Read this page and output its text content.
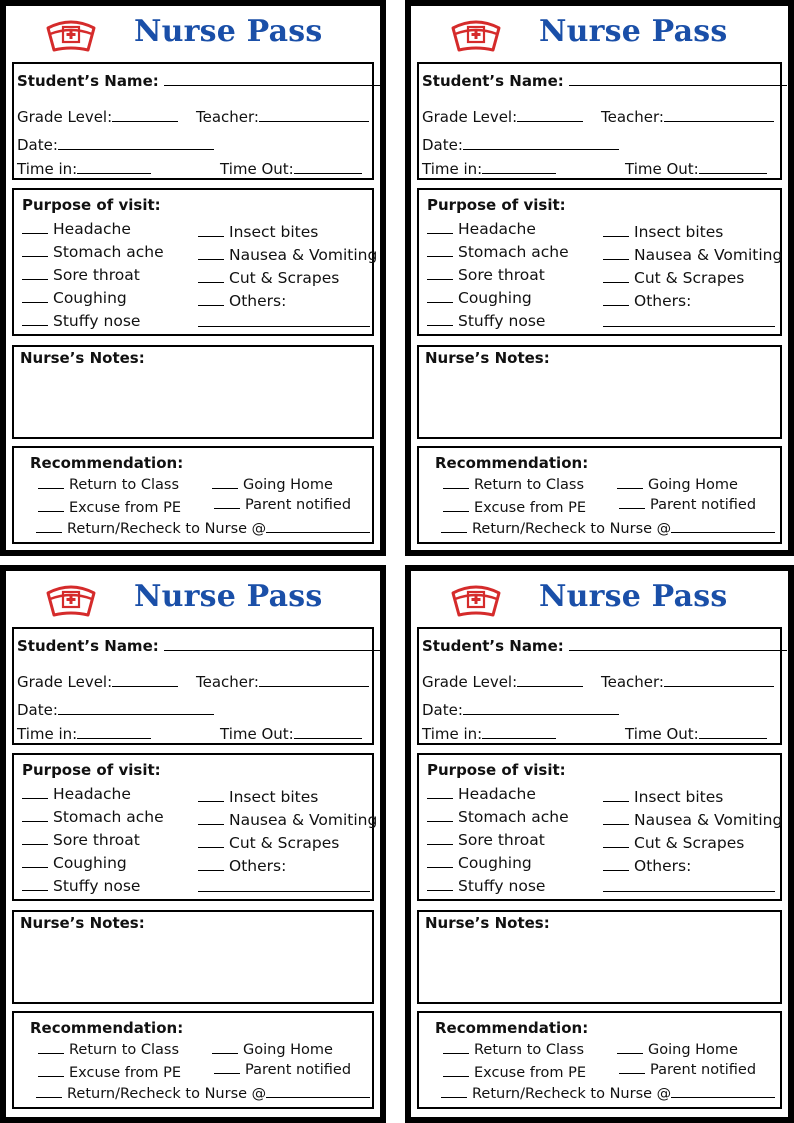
Nurse Pass
Student’s Name:
Grade Level:	Teacher:
Date:
Time in:	Time Out:
Purpose of visit:
Headache
Stomach ache
Sore throat
Coughing
Stuffy nose
Insect bites
Nausea & Vomiting
Cut & Scrapes
Others:
Nurse’s Notes:
Recommendation:
Return to Class	Going Home
Excuse from PE	Parent notified
Return/Recheck to Nurse @
Nurse Pass
Student’s Name:
Grade Level:	Teacher:
Date:
Time in:	Time Out:
Purpose of visit:
Headache
Stomach ache
Sore throat
Coughing
Stuffy nose
Insect bites
Nausea & Vomiting
Cut & Scrapes
Others:
Nurse’s Notes:
Recommendation:
Return to Class	Going Home
Excuse from PE	Parent notified
Return/Recheck to Nurse @
Nurse Pass
Student’s Name:
Grade Level:	Teacher:
Date:
Time in:	Time Out:
Purpose of visit:
Headache
Stomach ache
Sore throat
Coughing
Stuffy nose
Insect bites
Nausea & Vomiting
Cut & Scrapes
Others:
Nurse’s Notes:
Recommendation:
Return to Class	Going Home
Excuse from PE	Parent notified
Return/Recheck to Nurse @
Nurse Pass
Student’s Name:
Grade Level:	Teacher:
Date:
Time in:	Time Out:
Purpose of visit:
Headache
Stomach ache
Sore throat
Coughing
Stuffy nose
Insect bites
Nausea & Vomiting
Cut & Scrapes
Others:
Nurse’s Notes:
Recommendation:
Return to Class	Going Home
Excuse from PE	Parent notified
Return/Recheck to Nurse @
